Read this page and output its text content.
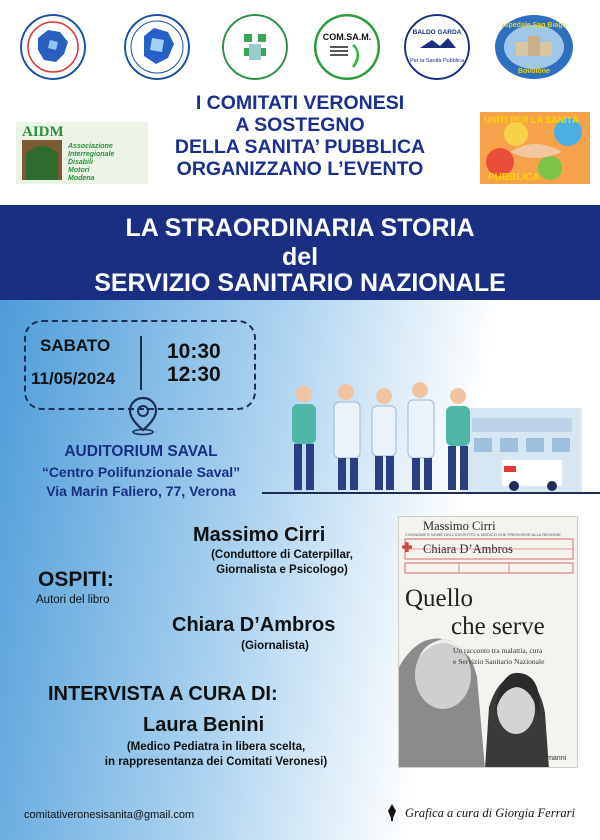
COM.SA.M.	BALDO GARDA
Per la Sanità Pubblica
Ospedale San Biagio
Bovolone
AIDM
Associazione
Interregionale
Disabili
Motori
Modena
I COMITATI VERONESI
A SOSTEGNO
DELLA SANITA’ PUBBLICA
ORGANIZZANO L’EVENTO
UNITI PER LA SANITÀ
PUBBLICA
LA STRAORDINARIA STORIA
del
SERVIZIO SANITARIO NAZIONALE
SABATO
11/05/2024
10:30
12:30
AUDITORIUM SAVAL
“Centro Polifunzionale Saval”
Via Marin Faliero, 77, Verona
Massimo Cirri
(Conduttore di Caterpillar,
Giornalista e Psicologo)
OSPITI:
Autori del libro
Chiara D’Ambros
(Giornalista)
INTERVISTA A CURA DI:
Laura Benini
(Medico Pediatra in libera scelta,
in rappresentanza dei Comitati Veronesi)
Massimo Cirri
COGNOME E NOME DELL’ASSISTITO IL MEDICO CHE PRESCRIVE ALLA REGIONE
Chiara D’Ambros
Quello
che serve
Un racconto tra malattia, cura
e Servizio Sanitario Nazionale
+manni
comitativeronesisanita@gmail.com	Grafica a cura di Giorgia Ferrari
